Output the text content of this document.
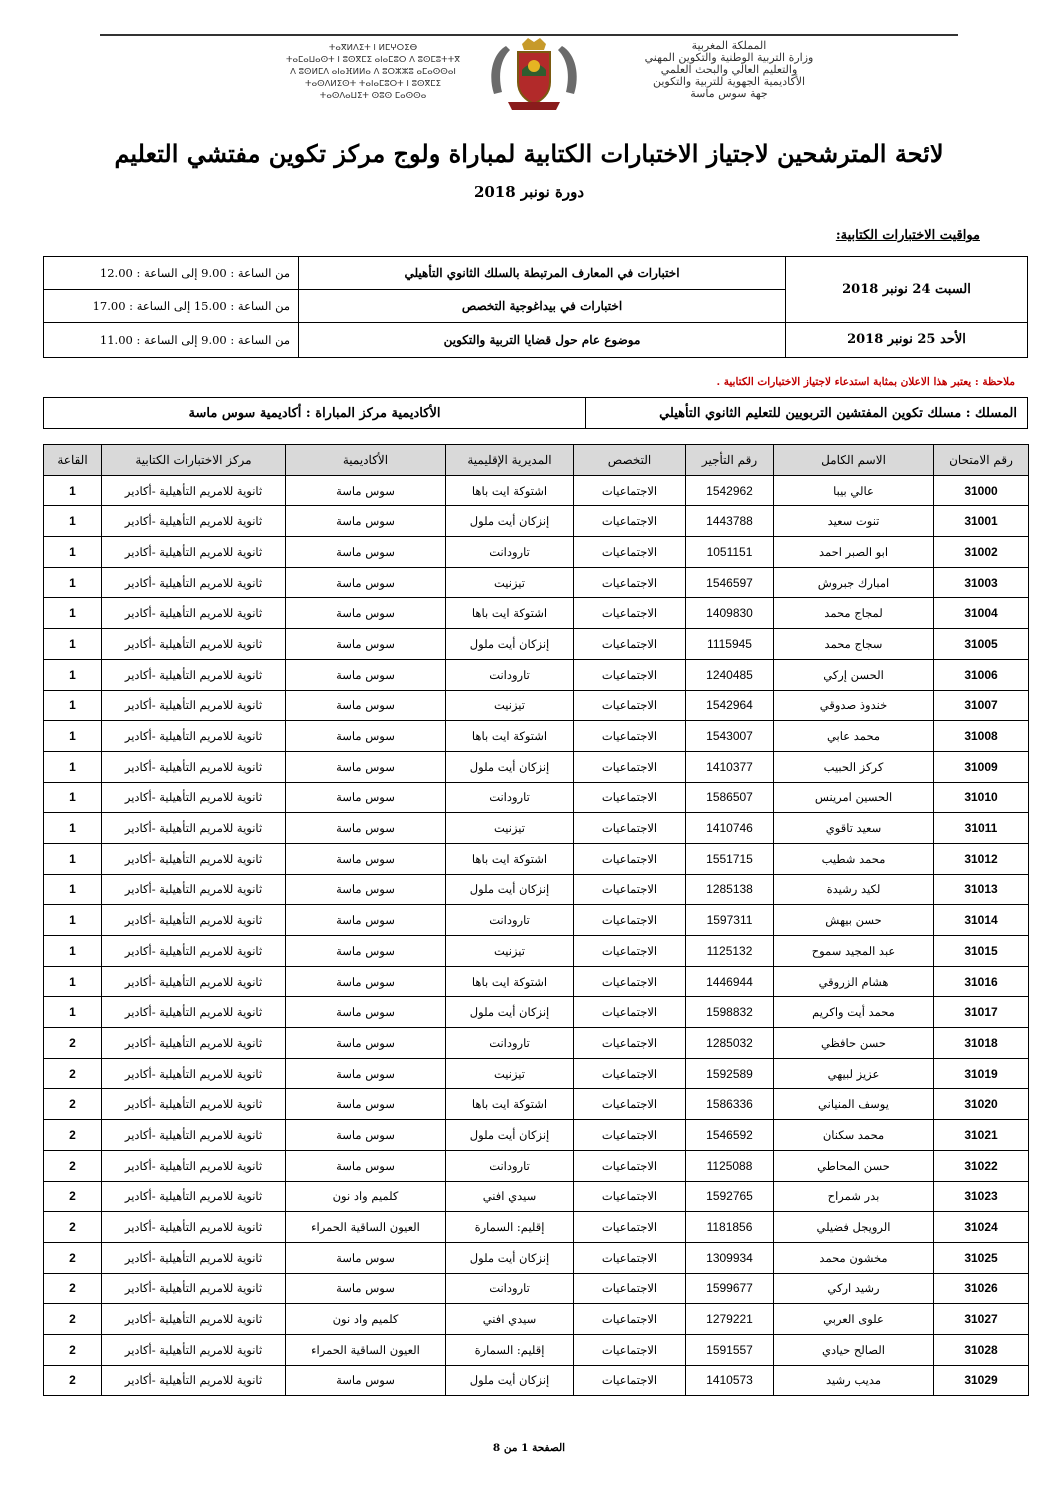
المملكة المغربية
وزارة التربية الوطنية والتكوين المهني
والتعليم العالي والبحث العلمي
الأكاديمية الجهوية للتربية والتكوين
جهة سوس ماسة
ⵜⴰⴳⵍⴷⵉⵜ ⵏ ⵍⵎⵖⵔⵉⴱ
ⵜⴰⵎⴰⵡⴰⵙⵜ ⵏ ⵓⵙⴳⵎⵉ ⴰⵏⴰⵎⵓⵔ ⴷ ⵓⵙⵎⵓⵜⵜⴳ
ⴷ ⵓⵙⵍⵎⴷ ⴰⵏⴰⴼⵍⵍⴰ ⴷ ⵓⵔⵣⵣⵓ ⴰⵎⴰⵙⵙⴰⵏ
ⵜⴰⵙⴷⵍⵉⵙⵜ ⵜⴰⵏⴰⵎⵓⵔⵜ ⵏ ⵓⵙⴳⵎⵉ
ⵜⴰⵙⴷⴰⵡⵉⵜ ⵙⵓⵙ ⵎⴰⵙⵙⴰ
لائحة المترشحين لاجتياز الاختبارات الكتابية لمباراة ولوج مركز تكوين مفتشي التعليم
دورة نونبر 2018
مواقيت الاختبارات الكتابية:
السبت 24 نونبر 2018	اختبارات في المعارف المرتبطة بالسلك الثانوي التأهيلي	من الساعة : 9.00 إلى الساعة : 12.00
	اختبارات في بيداغوجية التخصص	من الساعة : 15.00 إلى الساعة : 17.00
الأحد 25 نونبر 2018	موضوع عام حول قضايا التربية والتكوين	من الساعة : 9.00 إلى الساعة : 11.00
ملاحظة : يعتبر هذا الاعلان بمثابة استدعاء لاجتياز الاختبارات الكتابية .
المسلك : مسلك تكوين المفتشين التربويين للتعليم الثانوي التأهيلي	الأكاديمية مركز المباراة : أكاديمية سوس ماسة
رقم الامتحان	الاسم الكامل	رقم التأجير	التخصص	المديرية الإقليمية	الأكاديمية	مركز الاختبارات الكتابية	القاعة
31000	عالي بيبا	1542962	الاجتماعيات	اشتوكة ايت باها	سوس ماسة	ثانوية للامريم التأهيلية -أكادير	1
31001	تنوت سعيد	1443788	الاجتماعيات	إنزكان أيت ملول	سوس ماسة	ثانوية للامريم التأهيلية -أكادير	1
31002	ابو الصبر احمد	1051151	الاجتماعيات	تارودانت	سوس ماسة	ثانوية للامريم التأهيلية -أكادير	1
31003	امبارك جبروش	1546597	الاجتماعيات	تيزنيت	سوس ماسة	ثانوية للامريم التأهيلية -أكادير	1
31004	لمجاج محمد	1409830	الاجتماعيات	اشتوكة ايت باها	سوس ماسة	ثانوية للامريم التأهيلية -أكادير	1
31005	سجاج محمد	1115945	الاجتماعيات	إنزكان أيت ملول	سوس ماسة	ثانوية للامريم التأهيلية -أكادير	1
31006	الحسن إركي	1240485	الاجتماعيات	تارودانت	سوس ماسة	ثانوية للامريم التأهيلية -أكادير	1
31007	خندوذ صدوقي	1542964	الاجتماعيات	تيزنيت	سوس ماسة	ثانوية للامريم التأهيلية -أكادير	1
31008	محمد عابي	1543007	الاجتماعيات	اشتوكة ايت باها	سوس ماسة	ثانوية للامريم التأهيلية -أكادير	1
31009	كركز الحبيب	1410377	الاجتماعيات	إنزكان أيت ملول	سوس ماسة	ثانوية للامريم التأهيلية -أكادير	1
31010	الحسين امرينس	1586507	الاجتماعيات	تارودانت	سوس ماسة	ثانوية للامريم التأهيلية -أكادير	1
31011	سعيد تاقوي	1410746	الاجتماعيات	تيزنيت	سوس ماسة	ثانوية للامريم التأهيلية -أكادير	1
31012	محمد شطيب	1551715	الاجتماعيات	اشتوكة ايت باها	سوس ماسة	ثانوية للامريم التأهيلية -أكادير	1
31013	لكيد رشيدة	1285138	الاجتماعيات	إنزكان أيت ملول	سوس ماسة	ثانوية للامريم التأهيلية -أكادير	1
31014	حسن بيهش	1597311	الاجتماعيات	تارودانت	سوس ماسة	ثانوية للامريم التأهيلية -أكادير	1
31015	عبد المجيد سموح	1125132	الاجتماعيات	تيزنيت	سوس ماسة	ثانوية للامريم التأهيلية -أكادير	1
31016	هشام الزروقي	1446944	الاجتماعيات	اشتوكة ايت باها	سوس ماسة	ثانوية للامريم التأهيلية -أكادير	1
31017	محمد أيت واكريم	1598832	الاجتماعيات	إنزكان أيت ملول	سوس ماسة	ثانوية للامريم التأهيلية -أكادير	1
31018	حسن حافظي	1285032	الاجتماعيات	تارودانت	سوس ماسة	ثانوية للامريم التأهيلية -أكادير	2
31019	عزيز لبيهي	1592589	الاجتماعيات	تيزنيت	سوس ماسة	ثانوية للامريم التأهيلية -أكادير	2
31020	يوسف المنياني	1586336	الاجتماعيات	اشتوكة ايت باها	سوس ماسة	ثانوية للامريم التأهيلية -أكادير	2
31021	محمد سكنان	1546592	الاجتماعيات	إنزكان أيت ملول	سوس ماسة	ثانوية للامريم التأهيلية -أكادير	2
31022	حسن المحاطي	1125088	الاجتماعيات	تارودانت	سوس ماسة	ثانوية للامريم التأهيلية -أكادير	2
31023	بدر شمراح	1592765	الاجتماعيات	سيدي افني	كلميم واد نون	ثانوية للامريم التأهيلية -أكادير	2
31024	الرويجل فضيلي	1181856	الاجتماعيات	إقليم: السمارة	العيون الساقية الحمراء	ثانوية للامريم التأهيلية -أكادير	2
31025	مخشون محمد	1309934	الاجتماعيات	إنزكان أيت ملول	سوس ماسة	ثانوية للامريم التأهيلية -أكادير	2
31026	رشيد اركي	1599677	الاجتماعيات	تارودانت	سوس ماسة	ثانوية للامريم التأهيلية -أكادير	2
31027	علوى العربي	1279221	الاجتماعيات	سيدي افني	كلميم واد نون	ثانوية للامريم التأهيلية -أكادير	2
31028	الصالح حيادي	1591557	الاجتماعيات	إقليم: السمارة	العيون الساقية الحمراء	ثانوية للامريم التأهيلية -أكادير	2
31029	مديب رشيد	1410573	الاجتماعيات	إنزكان أيت ملول	سوس ماسة	ثانوية للامريم التأهيلية -أكادير	2
الصفحة 1 من 8
